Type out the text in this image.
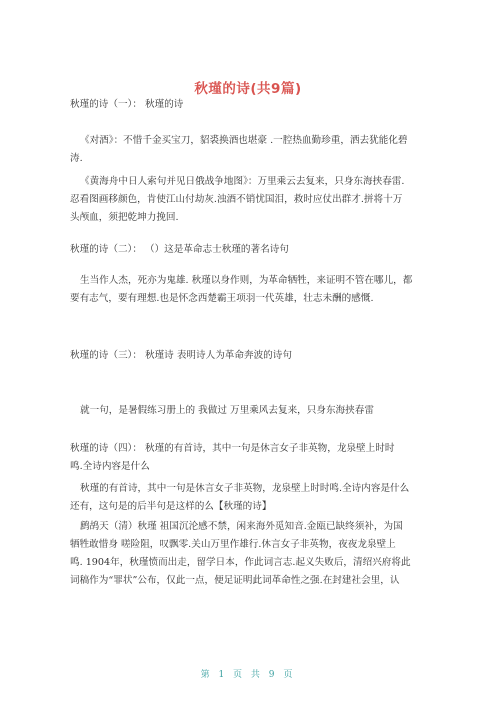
秋瑾的诗(共9篇)
秋瑾的诗（一）： 秋瑾的诗
《对酒》：不惜千金买宝刀，貂裘换酒也堪豪 .一腔热血勤珍重，洒去犹能化碧
涛.
《黄海舟中日人索句并见日俄战争地图》：万里乘云去复来，只身东海挟春雷.
忍看图画移颜色，肯使江山付劫灰.浊酒不销忧国泪，救时应仗出群才.拼将十万
头颅血，须把乾坤力挽回.
秋瑾的诗（二）： （）这是革命志士秋瑾的著名诗句
生当作人杰，死亦为鬼雄. 秋瑾以身作则，为革命牺牲，来证明不管在哪儿，都
要有志气，要有理想.也是怀念西楚霸王项羽一代英雄，壮志未酬的感慨.
秋瑾的诗（三）： 秋瑾诗 表明诗人为革命奔波的诗句
就一句，是暑假练习册上的 我做过 万里乘风去复来，只身东海挟春雷
秋瑾的诗（四）： 秋瑾的有首诗，其中一句是休言女子非英物，龙泉壁上时时
鸣.全诗内容是什么
秋瑾的有首诗，其中一句是休言女子非英物，龙泉壁上时时鸣.全诗内容是什么
还有，这句是的后半句是这样的么【秋瑾的诗】
鹧鸪天（清）秋瑾 祖国沉沦感不禁，闲来海外觅知音.金瓯已缺终须补，为国
牺牲敢惜身 嗟险阻，叹飘零.关山万里作雄行.休言女子非英物，夜夜龙泉壁上
鸣. 1904年，秋瑾愤而出走，留学日本，作此词言志.起义失败后，清绍兴府将此
词稿作为“罪状”公布，仅此一点，便足证明此词革命性之强.在封建社会里，认
第 1 页 共 9 页
